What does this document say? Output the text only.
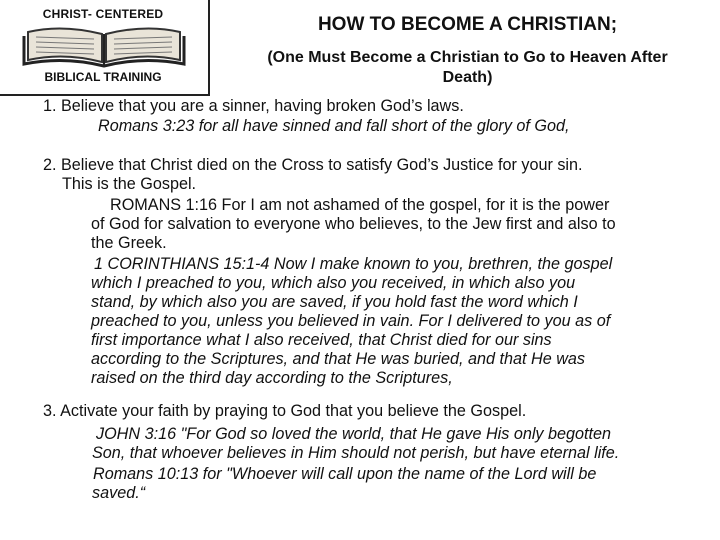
CHRIST- CENTERED
BIBLICAL TRAINING
HOW TO BECOME A CHRISTIAN;
(One Must Become a Christian to Go to Heaven After
Death)
1. Believe that you are a sinner, having broken God’s laws.
Romans 3:23 for all have sinned and fall short of the glory of God,
2. Believe that Christ died on the Cross to satisfy God’s Justice for your sin.
This is the Gospel.
ROMANS 1:16 For I am not ashamed of the gospel, for it is the power
of God for salvation to everyone who believes, to the Jew first and also to
the Greek.
1 CORINTHIANS 15:1-4 Now I make known to you, brethren, the gospel
which I preached to you, which also you received, in which also you
stand, by which also you are saved, if you hold fast the word which I
preached to you, unless you believed in vain. For I delivered to you as of
first importance what I also received, that Christ died for our sins
according to the Scriptures, and that He was buried, and that He was
raised on the third day according to the Scriptures,
3. Activate your faith by praying to God that you believe the Gospel.
JOHN 3:16 "For God so loved the world, that He gave His only begotten
Son, that whoever believes in Him should not perish, but have eternal life.
Romans 10:13 for "Whoever will call upon the name of the Lord will be
saved.“
